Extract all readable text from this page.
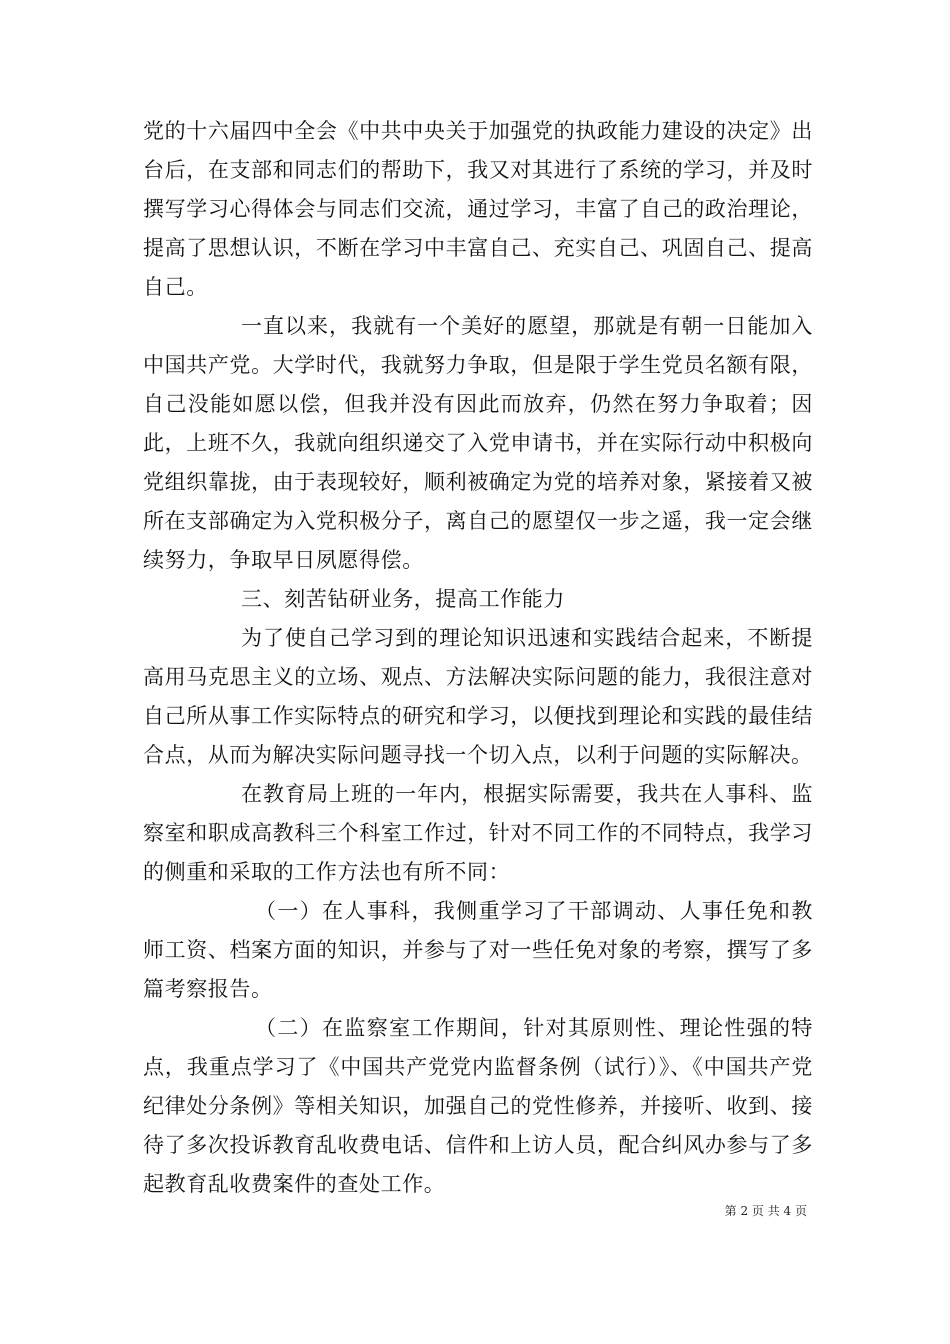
党的十六届四中全会《中共中央关于加强党的执政能力建设的决定》出台后，在支部和同志们的帮助下，我又对其进行了系统的学习，并及时撰写学习心得体会与同志们交流，通过学习，丰富了自己的政治理论，提高了思想认识，不断在学习中丰富自己、充实自己、巩固自己、提高自己。

一直以来，我就有一个美好的愿望，那就是有朝一日能加入中国共产党。大学时代，我就努力争取，但是限于学生党员名额有限，自己没能如愿以偿，但我并没有因此而放弃，仍然在努力争取着；因此，上班不久，我就向组织递交了入党申请书，并在实际行动中积极向党组织靠拢，由于表现较好，顺利被确定为党的培养对象，紧接着又被所在支部确定为入党积极分子，离自己的愿望仅一步之遥，我一定会继续努力，争取早日夙愿得偿。

三、刻苦钻研业务，提高工作能力

为了使自己学习到的理论知识迅速和实践结合起来，不断提高用马克思主义的立场、观点、方法解决实际问题的能力，我很注意对自己所从事工作实际特点的研究和学习，以便找到理论和实践的最佳结合点，从而为解决实际问题寻找一个切入点，以利于问题的实际解决。

在教育局上班的一年内，根据实际需要，我共在人事科、监察室和职成高教科三个科室工作过，针对不同工作的不同特点，我学习的侧重和采取的工作方法也有所不同：

（一）在人事科，我侧重学习了干部调动、人事任免和教师工资、档案方面的知识，并参与了对一些任免对象的考察，撰写了多篇考察报告。

（二）在监察室工作期间，针对其原则性、理论性强的特点，我重点学习了《中国共产党党内监督条例（试行）》、《中国共产党纪律处分条例》等相关知识，加强自己的党性修养，并接听、收到、接待了多次投诉教育乱收费电话、信件和上访人员，配合纠风办参与了多起教育乱收费案件的查处工作。

第 2 页 共 4 页
